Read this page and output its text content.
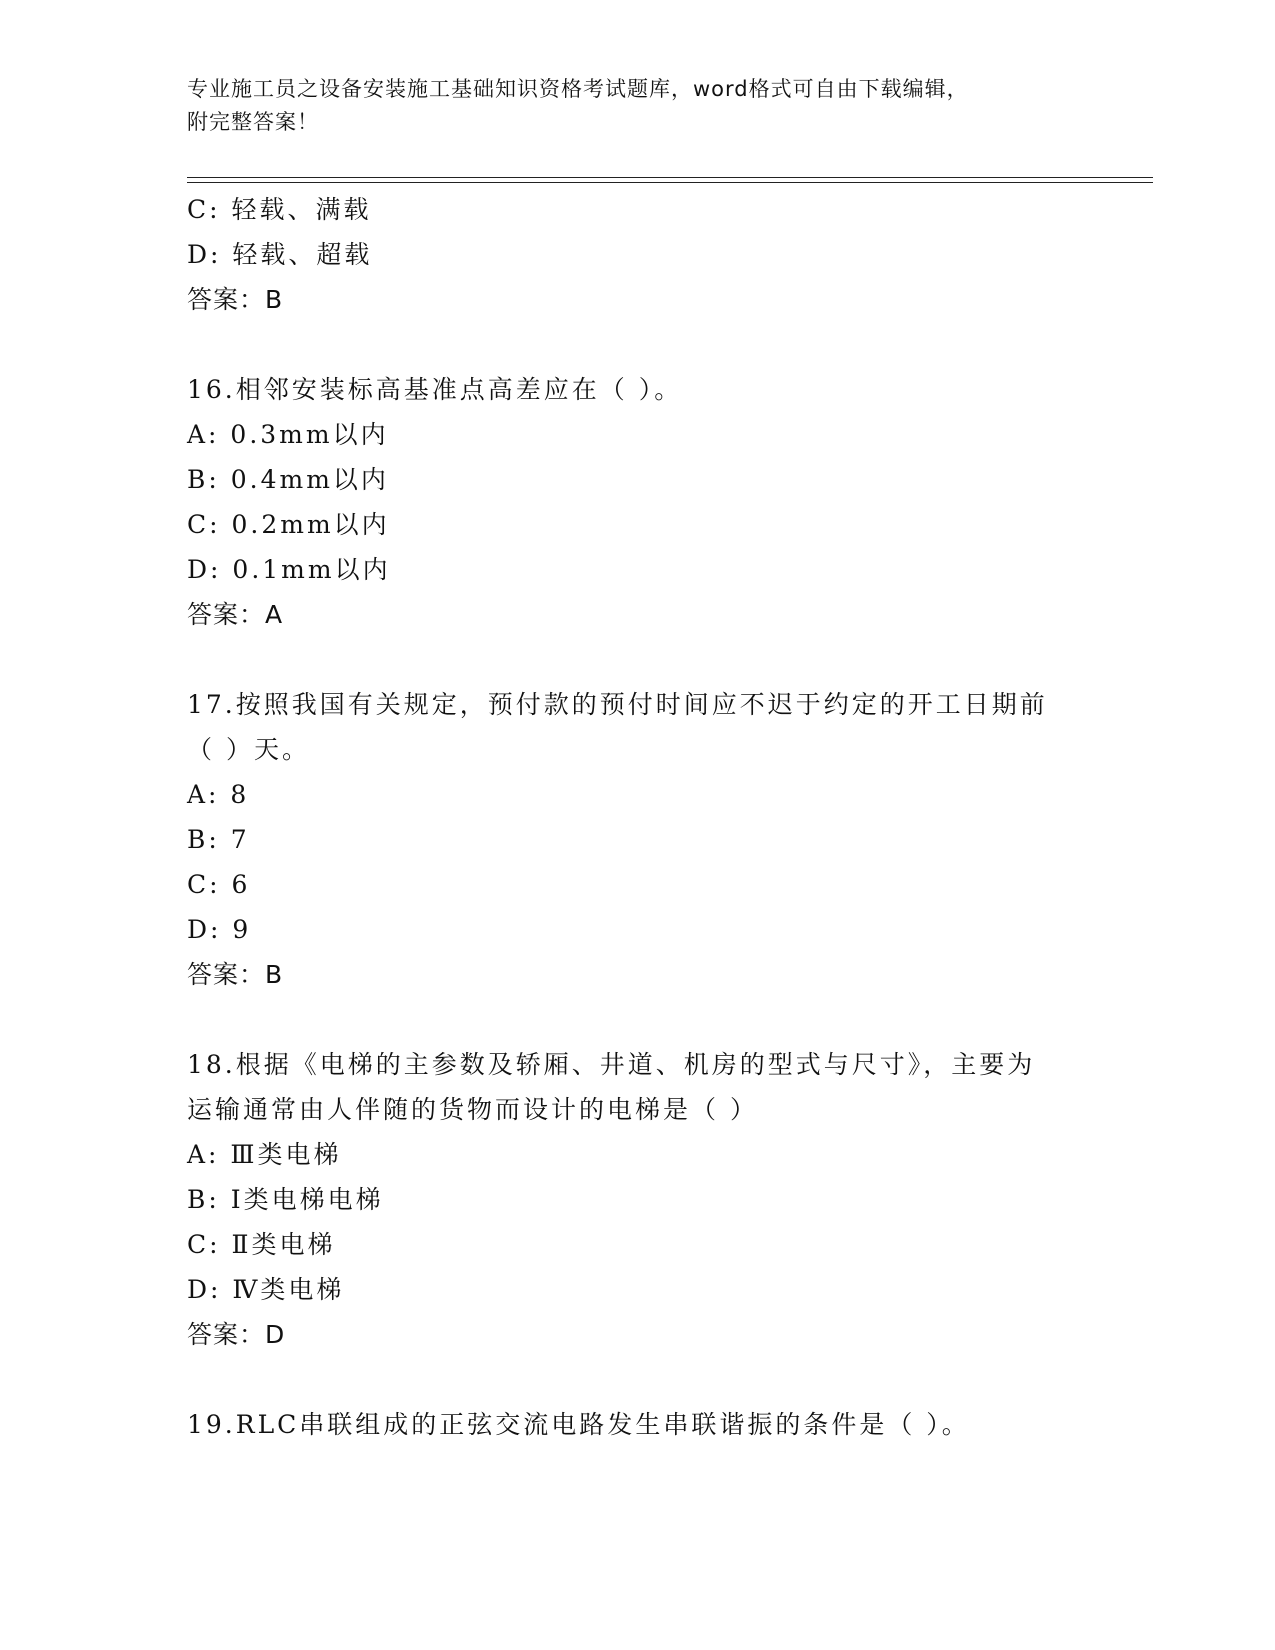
专业施工员之设备安装施工基础知识资格考试题库，word格式可自由下载编辑，
附完整答案！
C: 轻载、满载
D: 轻载、超载
答案：B
16.相邻安装标高基准点高差应在（ ）。
A: 0.3mm以内
B: 0.4mm以内
C: 0.2mm以内
D: 0.1mm以内
答案：A
17.按照我国有关规定，预付款的预付时间应不迟于约定的开工日期前
（ ）天。
A: 8
B: 7
C: 6
D: 9
答案：B
18.根据《电梯的主参数及轿厢、井道、机房的型式与尺寸》，主要为
运输通常由人伴随的货物而设计的电梯是（ ）
A: Ⅲ类电梯
B: Ⅰ类电梯电梯
C: Ⅱ类电梯
D: Ⅳ类电梯
答案：D
19.RLC串联组成的正弦交流电路发生串联谐振的条件是（ ）。
